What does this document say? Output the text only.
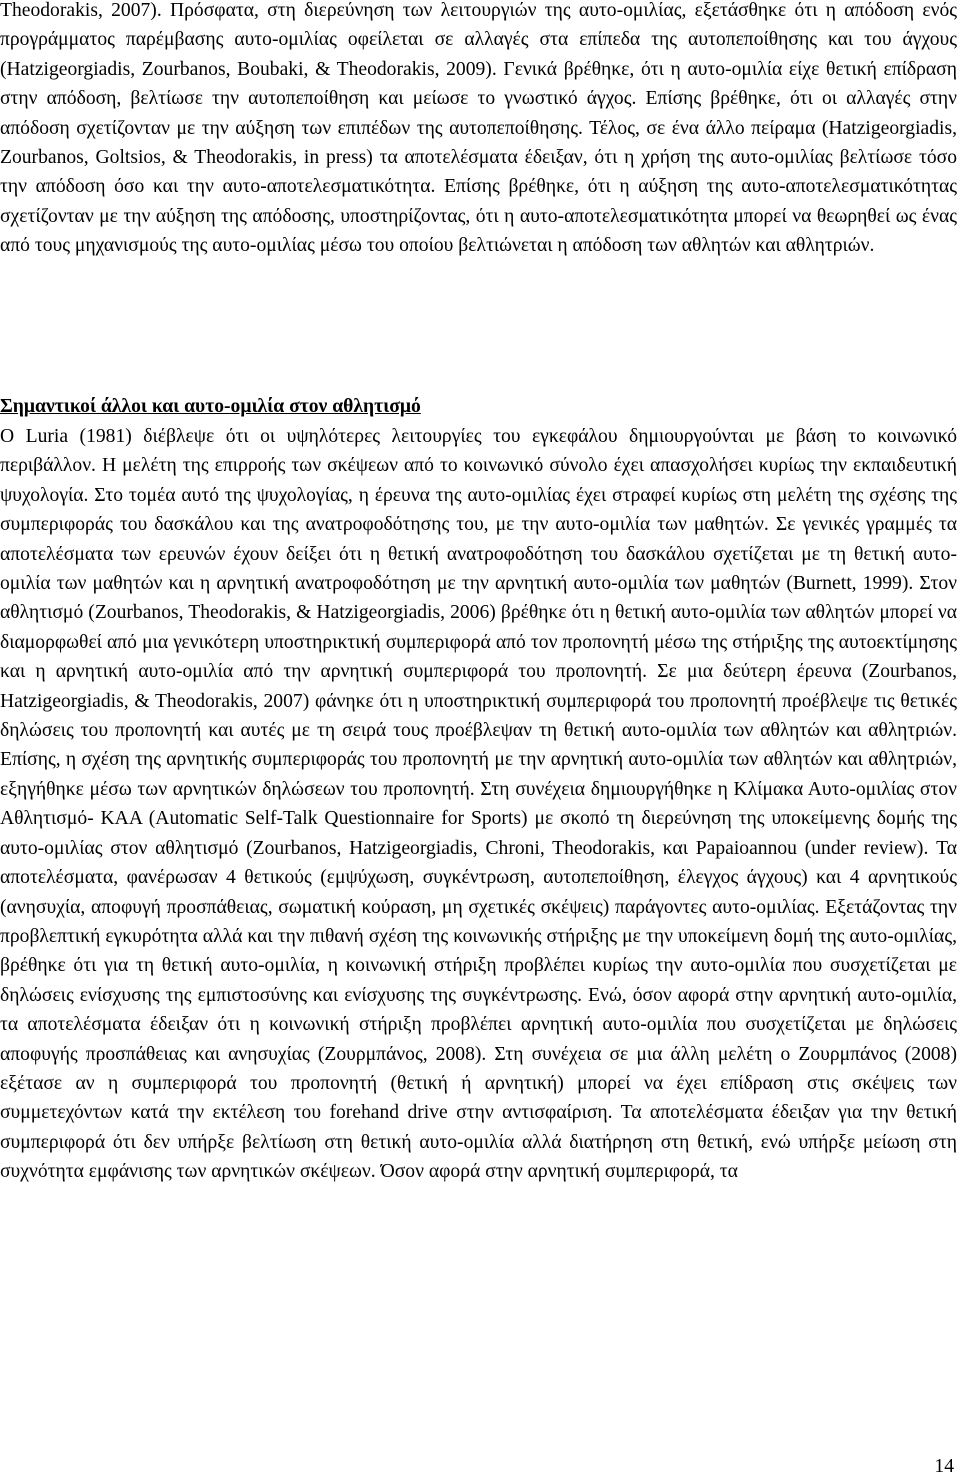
Theodorakis, 2007). Πρόσφατα, στη διερεύνηση των λειτουργιών της αυτο-ομιλίας, εξετάσθηκε ότι η απόδοση ενός προγράμματος παρέμβασης αυτο-ομιλίας οφείλεται σε αλλαγές στα επίπεδα της αυτοπεποίθησης και του άγχους (Hatzigeorgiadis, Zourbanos, Boubaki, & Theodorakis, 2009). Γενικά βρέθηκε, ότι η αυτο-ομιλία είχε θετική επίδραση στην απόδοση, βελτίωσε την αυτοπεποίθηση και μείωσε το γνωστικό άγχος. Επίσης βρέθηκε, ότι οι αλλαγές στην απόδοση σχετίζονταν με την αύξηση των επιπέδων της αυτοπεποίθησης. Τέλος, σε ένα άλλο πείραμα (Hatzigeorgiadis, Zourbanos, Goltsios, & Theodorakis, in press) τα αποτελέσματα έδειξαν, ότι η χρήση της αυτο-ομιλίας βελτίωσε τόσο την απόδοση όσο και την αυτο-αποτελεσματικότητα. Επίσης βρέθηκε, ότι η αύξηση της αυτο-αποτελεσματικότητας σχετίζονταν με την αύξηση της απόδοσης, υποστηρίζοντας, ότι η αυτο-αποτελεσματικότητα μπορεί να θεωρηθεί ως ένας από τους μηχανισμούς της αυτο-ομιλίας μέσω του οποίου βελτιώνεται η απόδοση των αθλητών και αθλητριών.

Σημαντικοί άλλοι και αυτο-ομιλία στον αθλητισμό

Ο Luria (1981) διέβλεψε ότι οι υψηλότερες λειτουργίες του εγκεφάλου δημιουργούνται με βάση το κοινωνικό περιβάλλον. Η μελέτη της επιρροής των σκέψεων από το κοινωνικό σύνολο έχει απασχολήσει κυρίως την εκπαιδευτική ψυχολογία. Στο τομέα αυτό της ψυχολογίας, η έρευνα της αυτο-ομιλίας έχει στραφεί κυρίως στη μελέτη της σχέσης της συμπεριφοράς του δασκάλου και της ανατροφοδότησης του, με την αυτο-ομιλία των μαθητών. Σε γενικές γραμμές τα αποτελέσματα των ερευνών έχουν δείξει ότι η θετική ανατροφοδότηση του δασκάλου σχετίζεται με τη θετική αυτο-ομιλία των μαθητών και η αρνητική ανατροφοδότηση με την αρνητική αυτο-ομιλία των μαθητών (Burnett, 1999). Στον αθλητισμό (Zourbanos, Theodorakis, & Hatzigeorgiadis, 2006) βρέθηκε ότι η θετική αυτο-ομιλία των αθλητών μπορεί να διαμορφωθεί από μια γενικότερη υποστηρικτική συμπεριφορά από τον προπονητή μέσω της στήριξης της αυτοεκτίμησης και η αρνητική αυτο-ομιλία από την αρνητική συμπεριφορά του προπονητή. Σε μια δεύτερη έρευνα (Zourbanos, Hatzigeorgiadis, & Theodorakis, 2007) φάνηκε ότι η υποστηρικτική συμπεριφορά του προπονητή προέβλεψε τις θετικές δηλώσεις του προπονητή και αυτές με τη σειρά τους προέβλεψαν τη θετική αυτο-ομιλία των αθλητών και αθλητριών. Επίσης, η σχέση της αρνητικής συμπεριφοράς του προπονητή με την αρνητική αυτο-ομιλία των αθλητών και αθλητριών, εξηγήθηκε μέσω των αρνητικών δηλώσεων του προπονητή. Στη συνέχεια δημιουργήθηκε η Κλίμακα Αυτο-ομιλίας στον Αθλητισμό- ΚΑΑ (Automatic Self-Talk Questionnaire for Sports) με σκοπό τη διερεύνηση της υποκείμενης δομής της αυτο-ομιλίας στον αθλητισμό (Zourbanos, Hatzigeorgiadis, Chroni, Theodorakis, και Papaioannou (under review). Τα αποτελέσματα, φανέρωσαν 4 θετικούς (εμψύχωση, συγκέντρωση, αυτοπεποίθηση, έλεγχος άγχους) και 4 αρνητικούς (ανησυχία, αποφυγή προσπάθειας, σωματική κούραση, μη σχετικές σκέψεις) παράγοντες αυτο-ομιλίας. Εξετάζοντας την προβλεπτική εγκυρότητα αλλά και την πιθανή σχέση της κοινωνικής στήριξης με την υποκείμενη δομή της αυτο-ομιλίας, βρέθηκε ότι για τη θετική αυτο-ομιλία, η κοινωνική στήριξη προβλέπει κυρίως την αυτο-ομιλία που συσχετίζεται με δηλώσεις ενίσχυσης της εμπιστοσύνης και ενίσχυσης της συγκέντρωσης. Ενώ, όσον αφορά στην αρνητική αυτο-ομιλία, τα αποτελέσματα έδειξαν ότι η κοινωνική στήριξη προβλέπει αρνητική αυτο-ομιλία που συσχετίζεται με δηλώσεις αποφυγής προσπάθειας και ανησυχίας (Ζουρμπάνος, 2008). Στη συνέχεια σε μια άλλη μελέτη ο Ζουρμπάνος (2008) εξέτασε αν η συμπεριφορά του προπονητή (θετική ή αρνητική) μπορεί να έχει επίδραση στις σκέψεις των συμμετεχόντων κατά την εκτέλεση του forehand drive στην αντισφαίριση. Τα αποτελέσματα έδειξαν για την θετική συμπεριφορά ότι δεν υπήρξε βελτίωση στη θετική αυτο-ομιλία αλλά διατήρηση στη θετική, ενώ υπήρξε μείωση στη συχνότητα εμφάνισης των αρνητικών σκέψεων. Όσον αφορά στην αρνητική συμπεριφορά, τα

14
